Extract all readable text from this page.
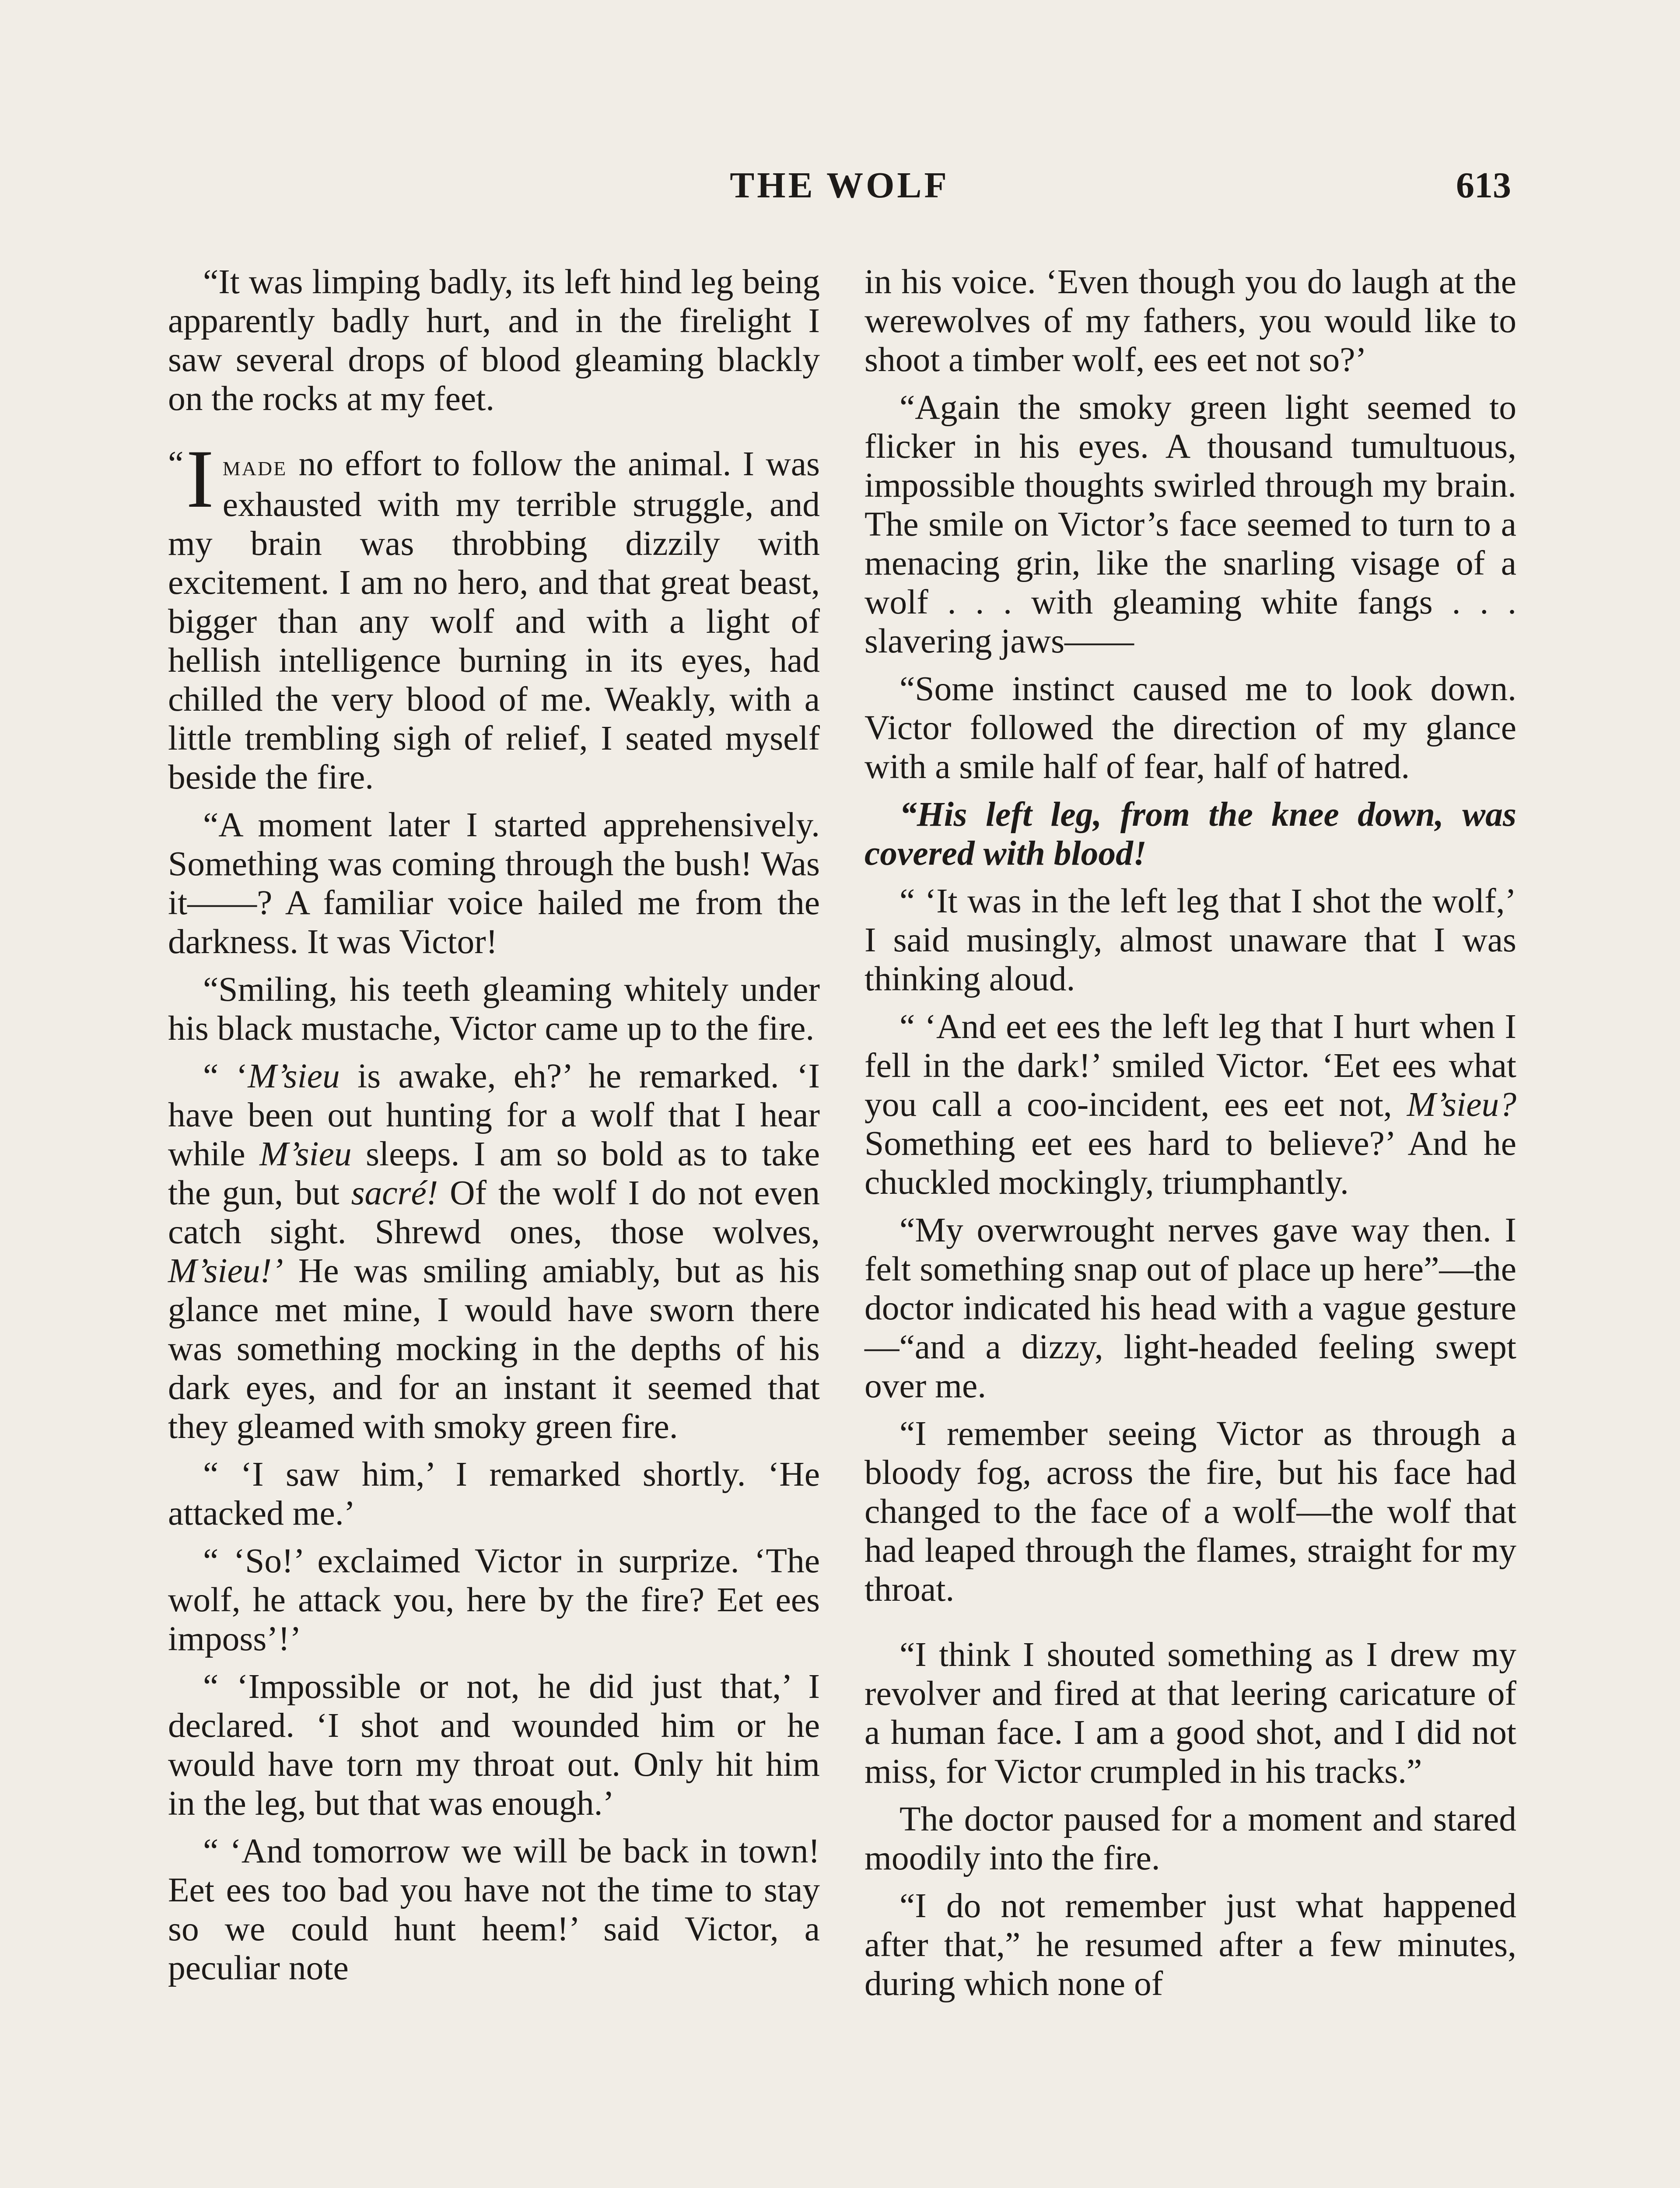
THE WOLF	613

“It was limping badly, its left hind leg being apparently badly hurt, and in the firelight I saw several drops of blood gleaming blackly on the rocks at my feet.

“ I made no effort to follow the animal. I was exhausted with my terrible struggle, and my brain was throbbing dizzily with excitement. I am no hero, and that great beast, bigger than any wolf and with a light of hellish intelligence burning in its eyes, had chilled the very blood of me. Weakly, with a little trembling sigh of relief, I seated myself beside the fire.

“A moment later I started apprehensively. Something was coming through the bush! Was it——? A familiar voice hailed me from the darkness. It was Victor!

“Smiling, his teeth gleaming whitely under his black mustache, Victor came up to the fire.

“ ‘M’sieu is awake, eh?’ he remarked. ‘I have been out hunting for a wolf that I hear while M’sieu sleeps. I am so bold as to take the gun, but sacré! Of the wolf I do not even catch sight. Shrewd ones, those wolves, M’sieu!’ He was smiling amiably, but as his glance met mine, I would have sworn there was something mocking in the depths of his dark eyes, and for an instant it seemed that they gleamed with smoky green fire.

“ ‘I saw him,’ I remarked shortly. ‘He attacked me.’

“ ‘So!’ exclaimed Victor in surprize. ‘The wolf, he attack you, here by the fire? Eet ees imposs’!’

“ ‘Impossible or not, he did just that,’ I declared. ‘I shot and wounded him or he would have torn my throat out. Only hit him in the leg, but that was enough.’

“ ‘And tomorrow we will be back in town! Eet ees too bad you have not the time to stay so we could hunt heem!’ said Victor, a peculiar note

in his voice. ‘Even though you do laugh at the werewolves of my fathers, you would like to shoot a timber wolf, ees eet not so?’

“Again the smoky green light seemed to flicker in his eyes. A thousand tumultuous, impossible thoughts swirled through my brain. The smile on Victor’s face seemed to turn to a menacing grin, like the snarling visage of a wolf . . . with gleaming white fangs . . . slavering jaws——

“Some instinct caused me to look down. Victor followed the direction of my glance with a smile half of fear, half of hatred.

“His left leg, from the knee down, was covered with blood!

“ ‘It was in the left leg that I shot the wolf,’ I said musingly, almost unaware that I was thinking aloud.

“ ‘And eet ees the left leg that I hurt when I fell in the dark!’ smiled Victor. ‘Eet ees what you call a coo-incident, ees eet not, M’sieu? Something eet ees hard to believe?’ And he chuckled mockingly, triumphantly.

“My overwrought nerves gave way then. I felt something snap out of place up here”—the doctor indicated his head with a vague gesture—“and a dizzy, light-headed feeling swept over me.

“I remember seeing Victor as through a bloody fog, across the fire, but his face had changed to the face of a wolf—the wolf that had leaped through the flames, straight for my throat.

“I think I shouted something as I drew my revolver and fired at that leering caricature of a human face. I am a good shot, and I did not miss, for Victor crumpled in his tracks.”

The doctor paused for a moment and stared moodily into the fire.

“I do not remember just what happened after that,” he resumed after a few minutes, during which none of
